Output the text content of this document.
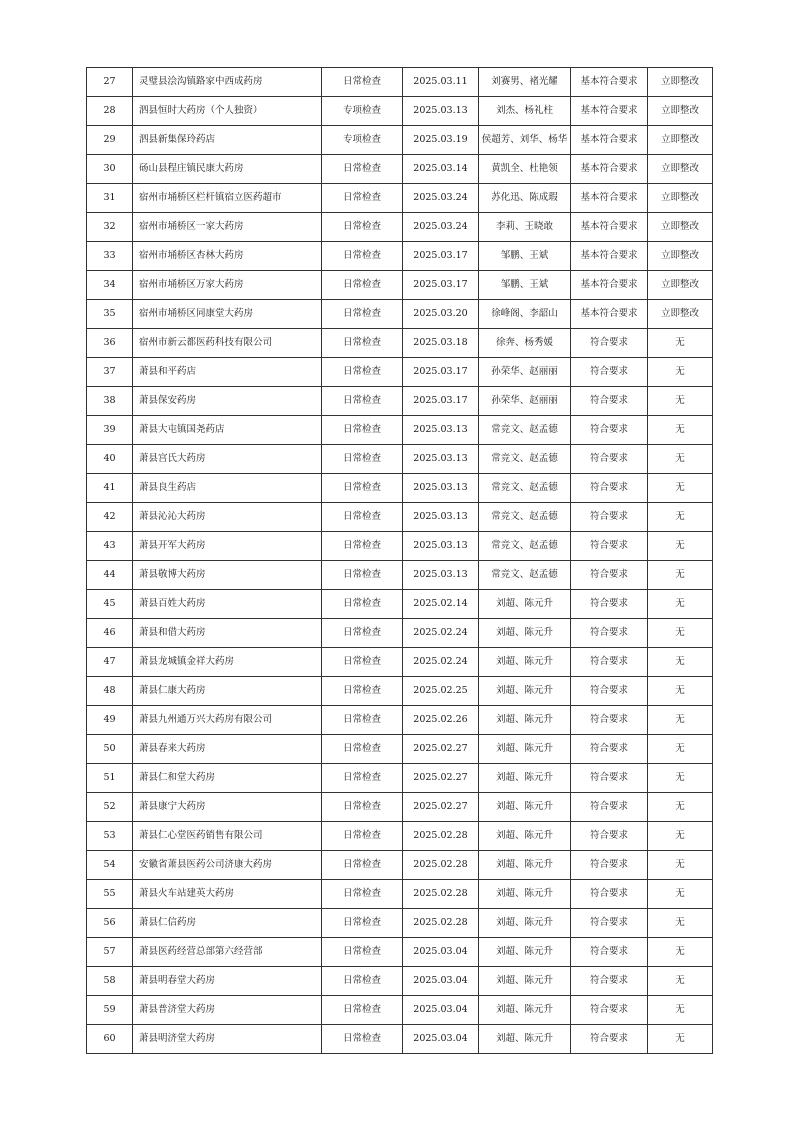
27	灵璧县浍沟镇路家中西成药房	日常检查	2025.03.11	刘赛男、褚光耀	基本符合要求	立即整改
28	泗县恒时大药房（个人独资）	专项检查	2025.03.13	刘杰、杨礼柱	基本符合要求	立即整改
29	泗县新集保玲药店	专项检查	2025.03.19	侯超芳、刘华、杨华	基本符合要求	立即整改
30	砀山县程庄镇民康大药房	日常检查	2025.03.14	黄凯全、杜艳领	基本符合要求	立即整改
31	宿州市埇桥区栏杆镇宿立医药超市	日常检查	2025.03.24	苏化迅、陈成瑕	基本符合要求	立即整改
32	宿州市埇桥区一家大药房	日常检查	2025.03.24	李莉、王晓敢	基本符合要求	立即整改
33	宿州市埇桥区杏林大药房	日常检查	2025.03.17	邹鹏、王斌	基本符合要求	立即整改
34	宿州市埇桥区万家大药房	日常检查	2025.03.17	邹鹏、王斌	基本符合要求	立即整改
35	宿州市埇桥区同康堂大药房	日常检查	2025.03.20	徐峰阁、李韶山	基本符合要求	立即整改
36	宿州市新云都医药科技有限公司	日常检查	2025.03.18	徐奔、杨秀媛	符合要求	无
37	萧县和平药店	日常检查	2025.03.17	孙荣华、赵丽丽	符合要求	无
38	萧县保安药房	日常检查	2025.03.17	孙荣华、赵丽丽	符合要求	无
39	萧县大屯镇国尧药店	日常检查	2025.03.13	常竞文、赵孟德	符合要求	无
40	萧县宫氏大药房	日常检查	2025.03.13	常竞文、赵孟德	符合要求	无
41	萧县良生药店	日常检查	2025.03.13	常竞文、赵孟德	符合要求	无
42	萧县沁沁大药房	日常检查	2025.03.13	常竞文、赵孟德	符合要求	无
43	萧县开军大药房	日常检查	2025.03.13	常竞文、赵孟德	符合要求	无
44	萧县敬博大药房	日常检查	2025.03.13	常竞文、赵孟德	符合要求	无
45	萧县百姓大药房	日常检查	2025.02.14	刘超、陈元升	符合要求	无
46	萧县和借大药房	日常检查	2025.02.24	刘超、陈元升	符合要求	无
47	萧县龙城镇金祥大药房	日常检查	2025.02.24	刘超、陈元升	符合要求	无
48	萧县仁康大药房	日常检查	2025.02.25	刘超、陈元升	符合要求	无
49	萧县九州通万兴大药房有限公司	日常检查	2025.02.26	刘超、陈元升	符合要求	无
50	萧县春来大药房	日常检查	2025.02.27	刘超、陈元升	符合要求	无
51	萧县仁和堂大药房	日常检查	2025.02.27	刘超、陈元升	符合要求	无
52	萧县康宁大药房	日常检查	2025.02.27	刘超、陈元升	符合要求	无
53	萧县仁心堂医药销售有限公司	日常检查	2025.02.28	刘超、陈元升	符合要求	无
54	安徽省萧县医药公司济康大药房	日常检查	2025.02.28	刘超、陈元升	符合要求	无
55	萧县火车站建英大药房	日常检查	2025.02.28	刘超、陈元升	符合要求	无
56	萧县仁信药房	日常检查	2025.02.28	刘超、陈元升	符合要求	无
57	萧县医药经营总部第六经营部	日常检查	2025.03.04	刘超、陈元升	符合要求	无
58	萧县明春堂大药房	日常检查	2025.03.04	刘超、陈元升	符合要求	无
59	萧县普济堂大药房	日常检查	2025.03.04	刘超、陈元升	符合要求	无
60	萧县明济堂大药房	日常检查	2025.03.04	刘超、陈元升	符合要求	无
